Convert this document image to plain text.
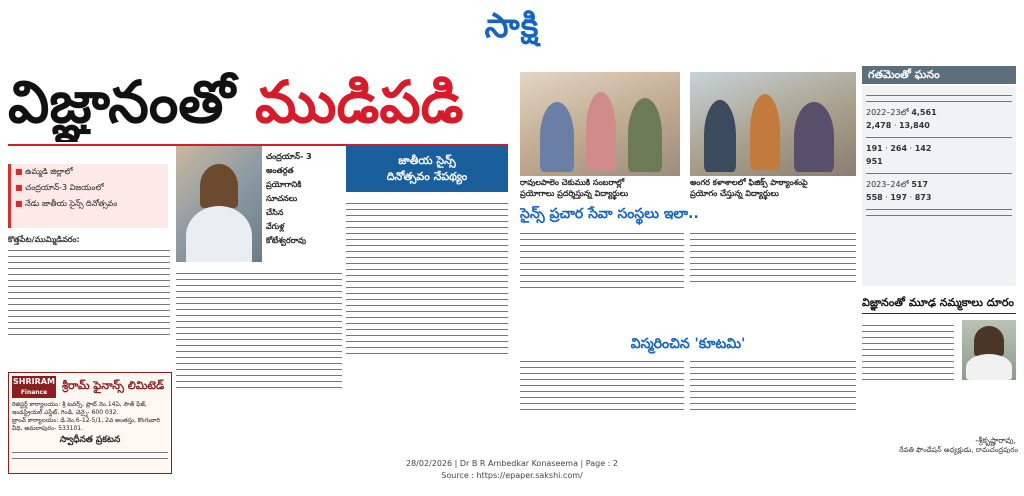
సాక్షి
విజ్ఞానంతో ముడిపడి
■ ఉమ్మడి జిల్లాలో
■ చంద్రయాన్-3 విజయంలో
■ నేడు జాతీయ సైన్స్ దినోత్సవం
చంద్రయాన్- 3
అంతర్గత
ప్రయోగానికి
సూచనలు
చేసిన
వేగుళ్ల
కోటేశ్వరరావు
జాతీయ సైన్స్
దినోత్సవం నేపథ్యం
కొత్తపేట/ముమ్మిడివరం:
రావులపాలెం చెకుముకి సంబరాల్లో
ప్రయోగాలు ప్రదర్శిస్తున్న విద్యార్థులు
అంగర కళాశాలలో ఫిజిక్స్ పాఠ్యాంశంపై
ప్రయోగం చేస్తున్న విద్యార్థులు
సైన్స్ ప్రచార సేవా సంస్థలు ఇలా..
విస్మరించిన 'కూటమి'
గతమెంతో ఘనం
2022–23లో 4,561
2,478 · 13,840
191 · 264 · 142
951
2023–24లో 517
558 · 197 · 873
విజ్ఞానంతో మూఢ నమ్మకాలు దూరం
-శ్రీకృష్ణారావు,
రేవతి ఫౌండేషన్ అధ్యక్షుడు, రామచంద్రపురం
SHRIRAM
Finance
శ్రీరామ్ ఫైనాన్స్ లిమిటెడ్
రిజిస్టర్డ్ కార్యాలయం: శ్రీ టవర్స్, ప్లాట్ నెం.14ఏ, సౌత్ ఫేజ్, ఇండస్ట్రియల్ ఎస్టేట్, గిండి, చెన్నై- 600 032.
బ్రాంచ్ కార్యాలయం: డి.నెం.6-12-5/1, 2వ అంతస్తు, కొంగువారి వీధి, అమలాపురం- 533101.
స్వాధీనత ప్రకటన
28/02/2026 | Dr B R Ambedkar Konaseema | Page : 2
Source : https://epaper.sakshi.com/
